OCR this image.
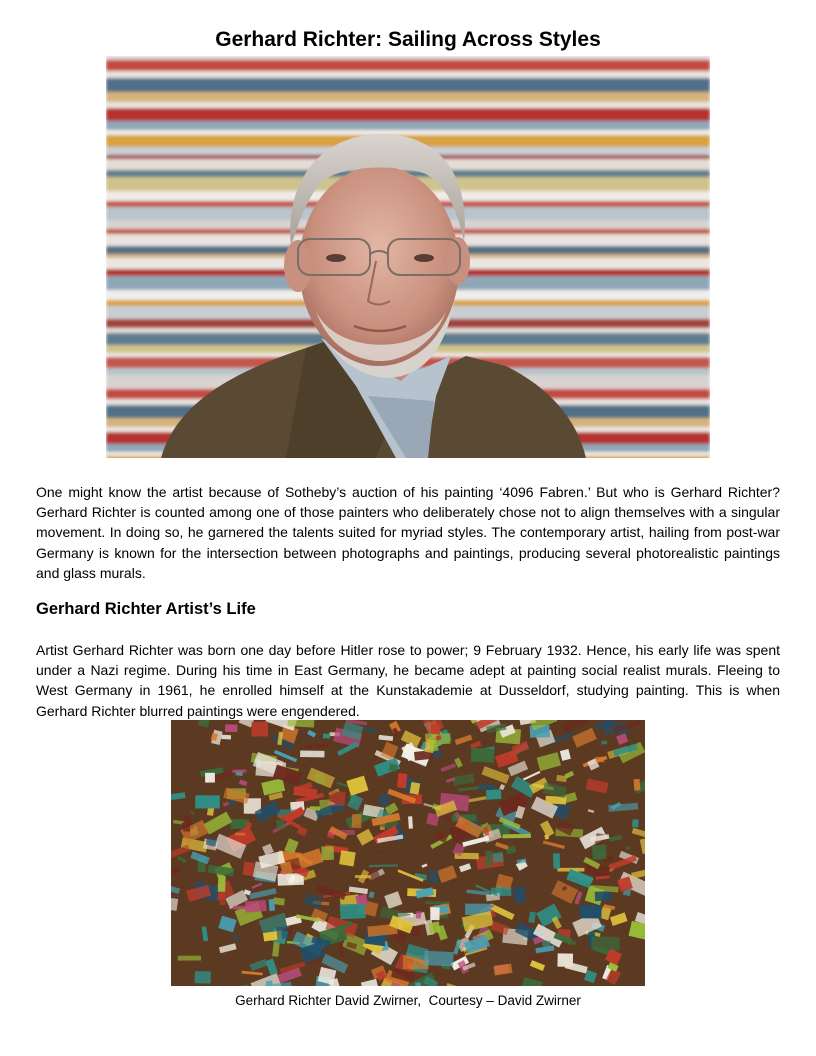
Gerhard Richter: Sailing Across Styles

One might know the artist because of Sotheby’s auction of his painting ‘4096 Fabren.’ But who is Gerhard Richter? Gerhard Richter is counted among one of those painters who deliberately chose not to align themselves with a singular movement. In doing so, he garnered the talents suited for myriad styles. The contemporary artist, hailing from post-war Germany is known for the intersection between photographs and paintings, producing several photorealistic paintings and glass murals.

Gerhard Richter Artist’s Life

Artist Gerhard Richter was born one day before Hitler rose to power; 9 February 1932. Hence, his early life was spent under a Nazi regime. During his time in East Germany, he became adept at painting social realist murals. Fleeing to West Germany in 1961, he enrolled himself at the Kunstakademie at Dusseldorf, studying painting. This is when Gerhard Richter blurred paintings were engendered.

Gerhard Richter David Zwirner,  Courtesy – David Zwirner
